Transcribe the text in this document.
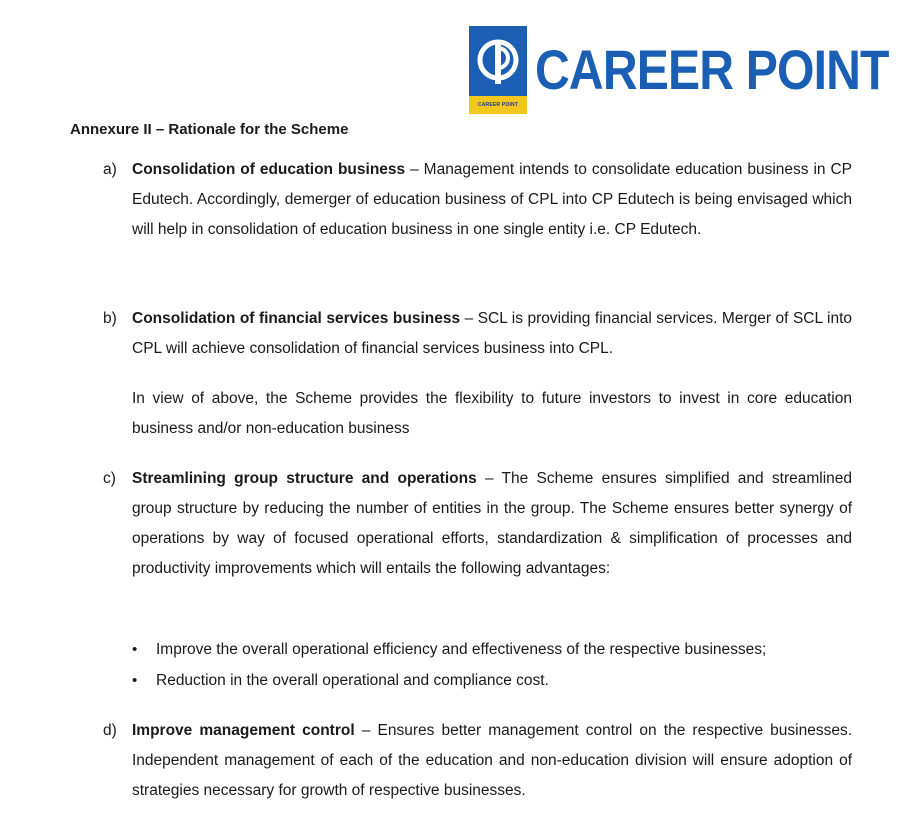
CAREER POINT
CAREER POINT
Annexure II – Rationale for the Scheme
a) Consolidation of education business – Management intends to consolidate education business in CP Edutech. Accordingly, demerger of education business of CPL into CP Edutech is being envisaged which will help in consolidation of education business in one single entity i.e. CP Edutech.
b) Consolidation of financial services business – SCL is providing financial services. Merger of SCL into CPL will achieve consolidation of financial services business into CPL.
In view of above, the Scheme provides the flexibility to future investors to invest in core education business and/or non-education business
c) Streamlining group structure and operations – The Scheme ensures simplified and streamlined group structure by reducing the number of entities in the group. The Scheme ensures better synergy of operations by way of focused operational efforts, standardization & simplification of processes and productivity improvements which will entails the following advantages:
• Improve the overall operational efficiency and effectiveness of the respective businesses;
• Reduction in the overall operational and compliance cost.
d) Improve management control – Ensures better management control on the respective businesses. Independent management of each of the education and non-education division will ensure adoption of strategies necessary for growth of respective businesses.
